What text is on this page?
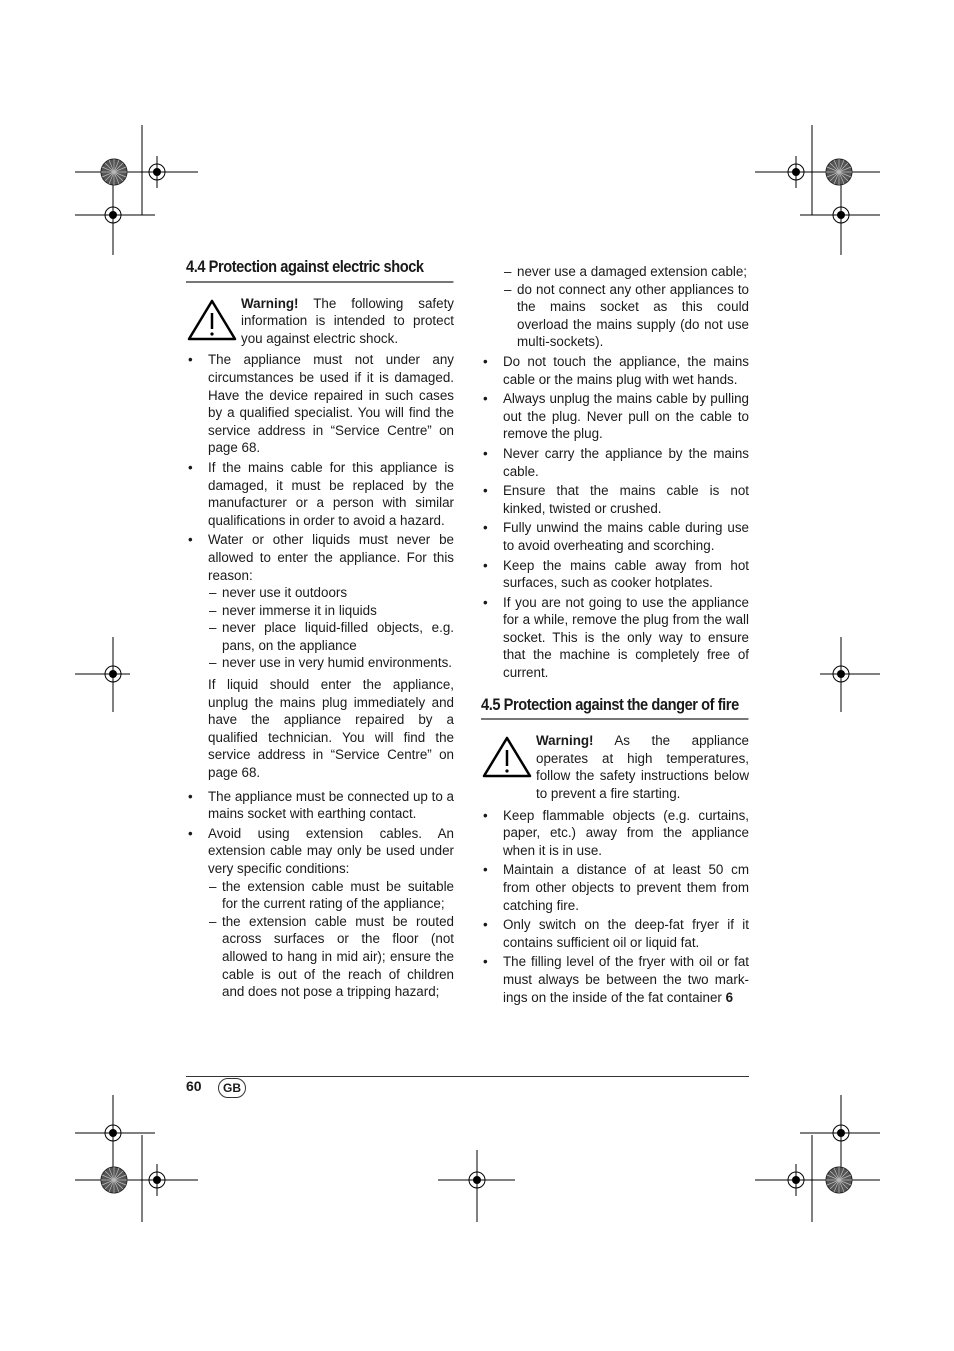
4.4 Protection against electric shock
Warning! The following safety information is intended to protect you against electric shock.
• The appliance must not under any circumstances be used if it is damaged. Have the device repaired in such cases by a qualified specialist. You will find the service address in “Service Centre” on page 68.
• If the mains cable for this appliance is damaged, it must be replaced by the manufacturer or a person with similar qualifications in order to avoid a hazard.
• Water or other liquids must never be allowed to enter the appliance. For this reason:
– never use it outdoors
– never immerse it in liquids
– never place liquid-filled objects, e.g. pans, on the appliance
– never use in very humid environments.
If liquid should enter the appliance, unplug the mains plug immediately and have the appliance repaired by a qualified technician. You will find the service address in “Service Centre” on page 68.
• The appliance must be connected up to a mains socket with earthing contact.
• Avoid using extension cables. An extension cable may only be used under very specific conditions:
– the extension cable must be suitable for the current rating of the appliance;
– the extension cable must be routed across surfaces or the floor (not allowed to hang in mid air); ensure the cable is out of the reach of children and does not pose a tripping hazard;
– never use a damaged extension cable;
– do not connect any other appliances to the mains socket as this could overload the mains supply (do not use multi-sockets).
• Do not touch the appliance, the mains cable or the mains plug with wet hands.
• Always unplug the mains cable by pulling out the plug. Never pull on the cable to remove the plug.
• Never carry the appliance by the mains cable.
• Ensure that the mains cable is not kinked, twisted or crushed.
• Fully unwind the mains cable during use to avoid overheating and scorching.
• Keep the mains cable away from hot surfaces, such as cooker hotplates.
• If you are not going to use the appliance for a while, remove the plug from the wall socket. This is the only way to ensure that the machine is completely free of current.
4.5 Protection against the danger of fire
Warning! As the appliance operates at high temperatures, follow the safety instructions below to prevent a fire starting.
• Keep flammable objects (e.g. curtains, paper, etc.) away from the appliance when it is in use.
• Maintain a distance of at least 50 cm from other objects to prevent them from catching fire.
• Only switch on the deep-fat fryer if it contains sufficient oil or liquid fat.
• The filling level of the fryer with oil or fat must always be between the two mark-ings on the inside of the fat container 6
60	GB
